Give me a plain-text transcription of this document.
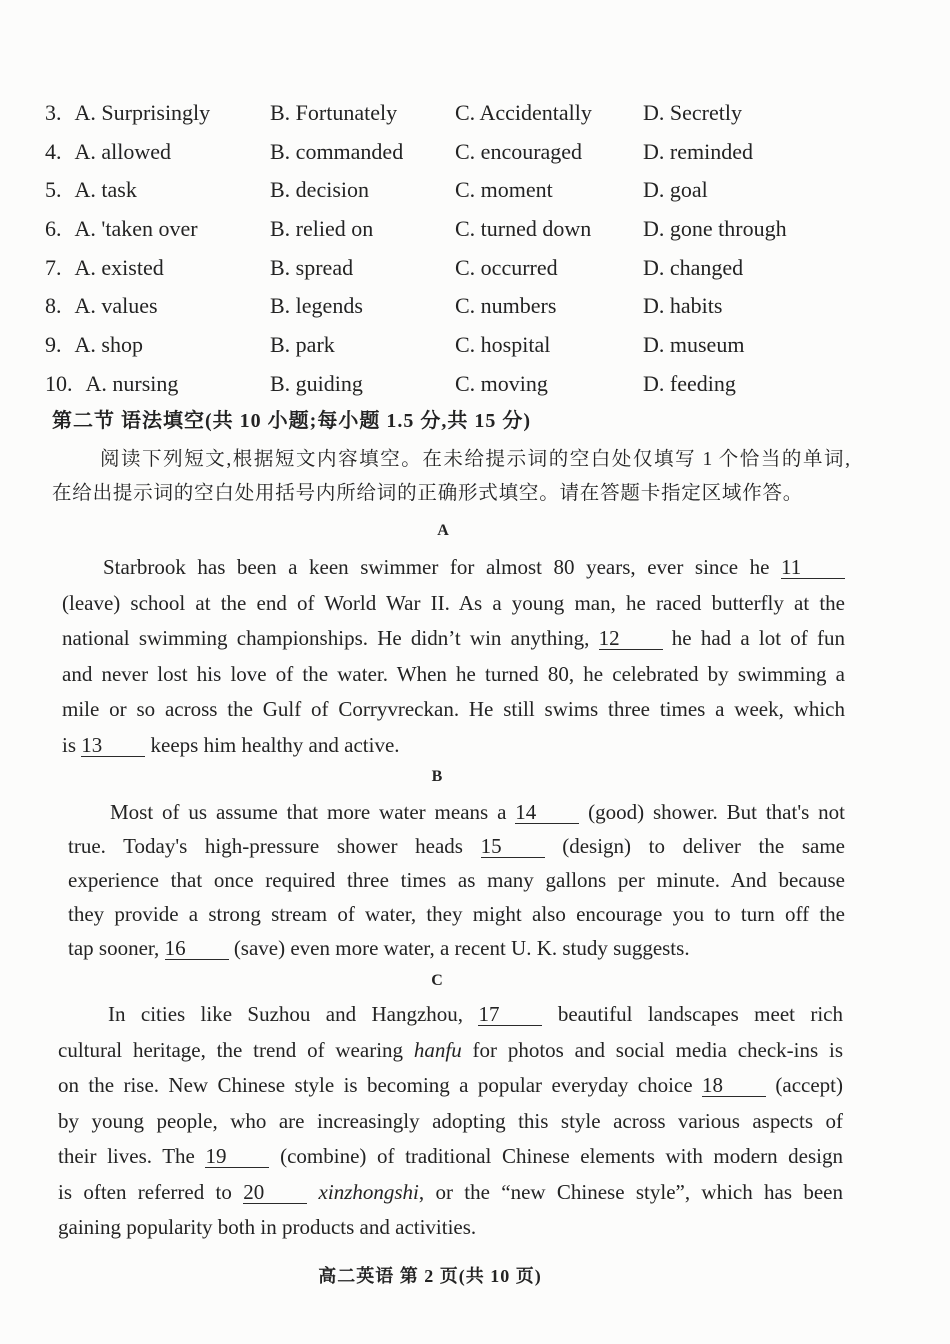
3. A. Surprisingly	B. Fortunately	C. Accidentally	D. Secretly
4. A. allowed	B. commanded	C. encouraged	D. reminded
5. A. task	B. decision	C. moment	D. goal
6. A. 'taken over	B. relied on	C. turned down	D. gone through
7. A. existed	B. spread	C. occurred	D. changed
8. A. values	B. legends	C. numbers	D. habits
9. A. shop	B. park	C. hospital	D. museum
10. A. nursing	B. guiding	C. moving	D. feeding
第二节 语法填空(共 10 小题;每小题 1.5 分,共 15 分)
阅读下列短文,根据短文内容填空。在未给提示词的空白处仅填写 1 个恰当的单词,
在给出提示词的空白处用括号内所给词的正确形式填空。请在答题卡指定区域作答。
A
Starbrook has been a keen swimmer for almost 80 years, ever since he 11
(leave) school at the end of World War II. As a young man, he raced butterfly at the
national swimming championships. He didn’t win anything, 12 he had a lot of fun
and never lost his love of the water. When he turned 80, he celebrated by swimming a
mile or so across the Gulf of Corryvreckan. He still swims three times a week, which
is 13 keeps him healthy and active.
B
Most of us assume that more water means a 14 (good) shower. But that's not
true. Today's high-pressure shower heads 15 (design) to deliver the same
experience that once required three times as many gallons per minute. And because
they provide a strong stream of water, they might also encourage you to turn off the
tap sooner, 16 (save) even more water, a recent U. K. study suggests.
C
In cities like Suzhou and Hangzhou, 17 beautiful landscapes meet rich
cultural heritage, the trend of wearing hanfu for photos and social media check-ins is
on the rise. New Chinese style is becoming a popular everyday choice 18 (accept)
by young people, who are increasingly adopting this style across various aspects of
their lives. The 19 (combine) of traditional Chinese elements with modern design
is often referred to 20	xinzhongshi, or the “new Chinese style”, which has been
gaining popularity both in products and activities.
高二英语 第 2 页(共 10 页)
